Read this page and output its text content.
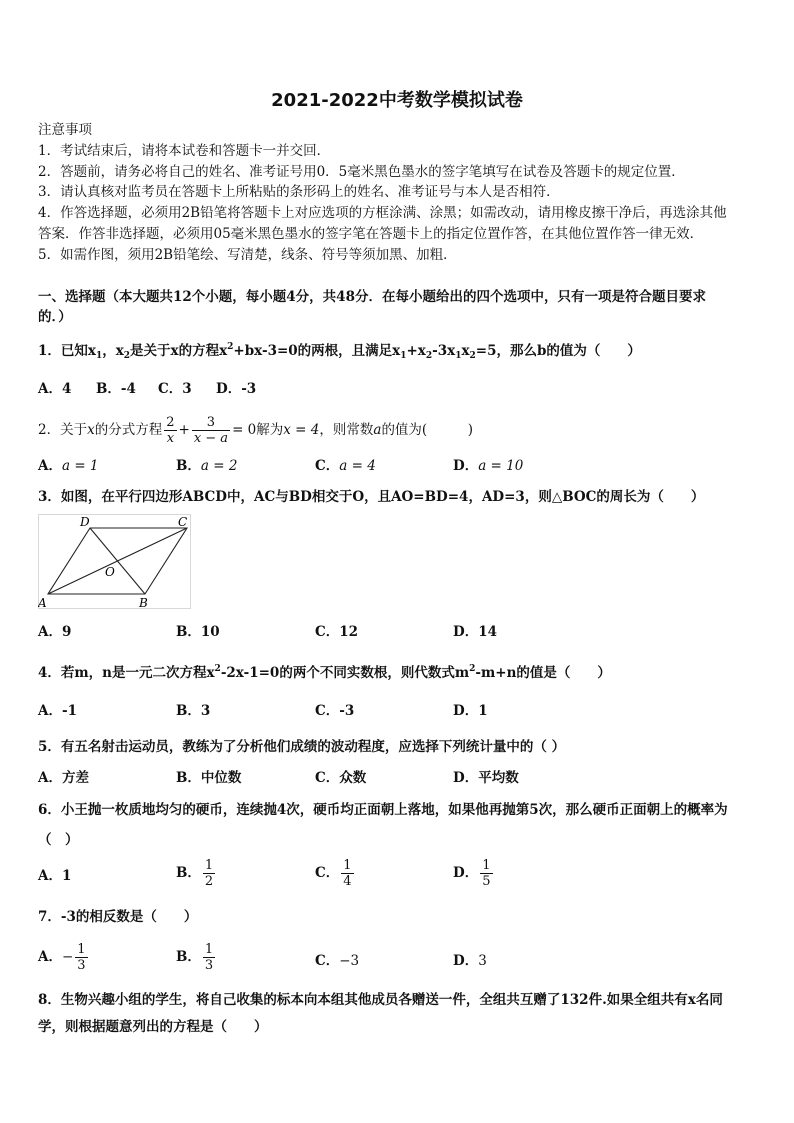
2021-2022中考数学模拟试卷
注意事项
1．考试结束后，请将本试卷和答题卡一并交回．
2．答题前，请务必将自己的姓名、准考证号用0．5毫米黑色墨水的签字笔填写在试卷及答题卡的规定位置．
3．请认真核对监考员在答题卡上所粘贴的条形码上的姓名、准考证号与本人是否相符．
4．作答选择题，必须用2B铅笔将答题卡上对应选项的方框涂满、涂黑；如需改动，请用橡皮擦干净后，再选涂其他
答案．作答非选择题，必须用05毫米黑色墨水的签字笔在答题卡上的指定位置作答，在其他位置作答一律无效．
5．如需作图，须用2B铅笔绘、写清楚，线条、符号等须加黑、加粗．
一、选择题（本大题共12个小题，每小题4分，共48分．在每小题给出的四个选项中，只有一项是符合题目要求
的．）
1．已知$x_1$，$x_2$是关于x的方程$x^2+bx-3=0$的两根，且满足$x_1+x_2-3x_1x_2=5$，那么b的值为（　　）
A．4 B．-4 C．3 D．-3
2．关于x的分式方程 $\frac{2}{x} + \frac{3}{x - a} = 0$解为x = 4，则常数a的值为(　　　)
A．a = 1	B．a = 2	C．a = 4	D．a = 10
3．如图，在平行四边形ABCD中，AC与BD相交于O，且AO=BD=4，AD=3，则△BOC的周长为（　　）
D	C
O
A	B
A．9	B．10	C．12	D．14
4．若m，n是一元二次方程$x^2-2x-1=0$的两个不同实数根，则代数式$m^2-m+n$的值是（　　）
A．-1	B．3	C．-3	D．1
5．有五名射击运动员，教练为了分析他们成绩的波动程度，应选择下列统计量中的（ ）
A．方差	B．中位数	C．众数	D．平均数
6．小王抛一枚质地均匀的硬币，连续抛4次，硬币均正面朝上落地，如果他再抛第5次，那么硬币正面朝上的概率为
（　）
A．1	B． $\frac{1}{2}$	C． $\frac{1}{4}$	D． $\frac{1}{5}$
7．-3的相反数是（　　）
A．− $\frac{1}{3}$	B． $\frac{1}{3}$	C．−3	D．3
8．生物兴趣小组的学生，将自己收集的标本向本组其他成员各赠送一件，全组共互赠了132件.如果全组共有x名同
学，则根据题意列出的方程是（　　）
